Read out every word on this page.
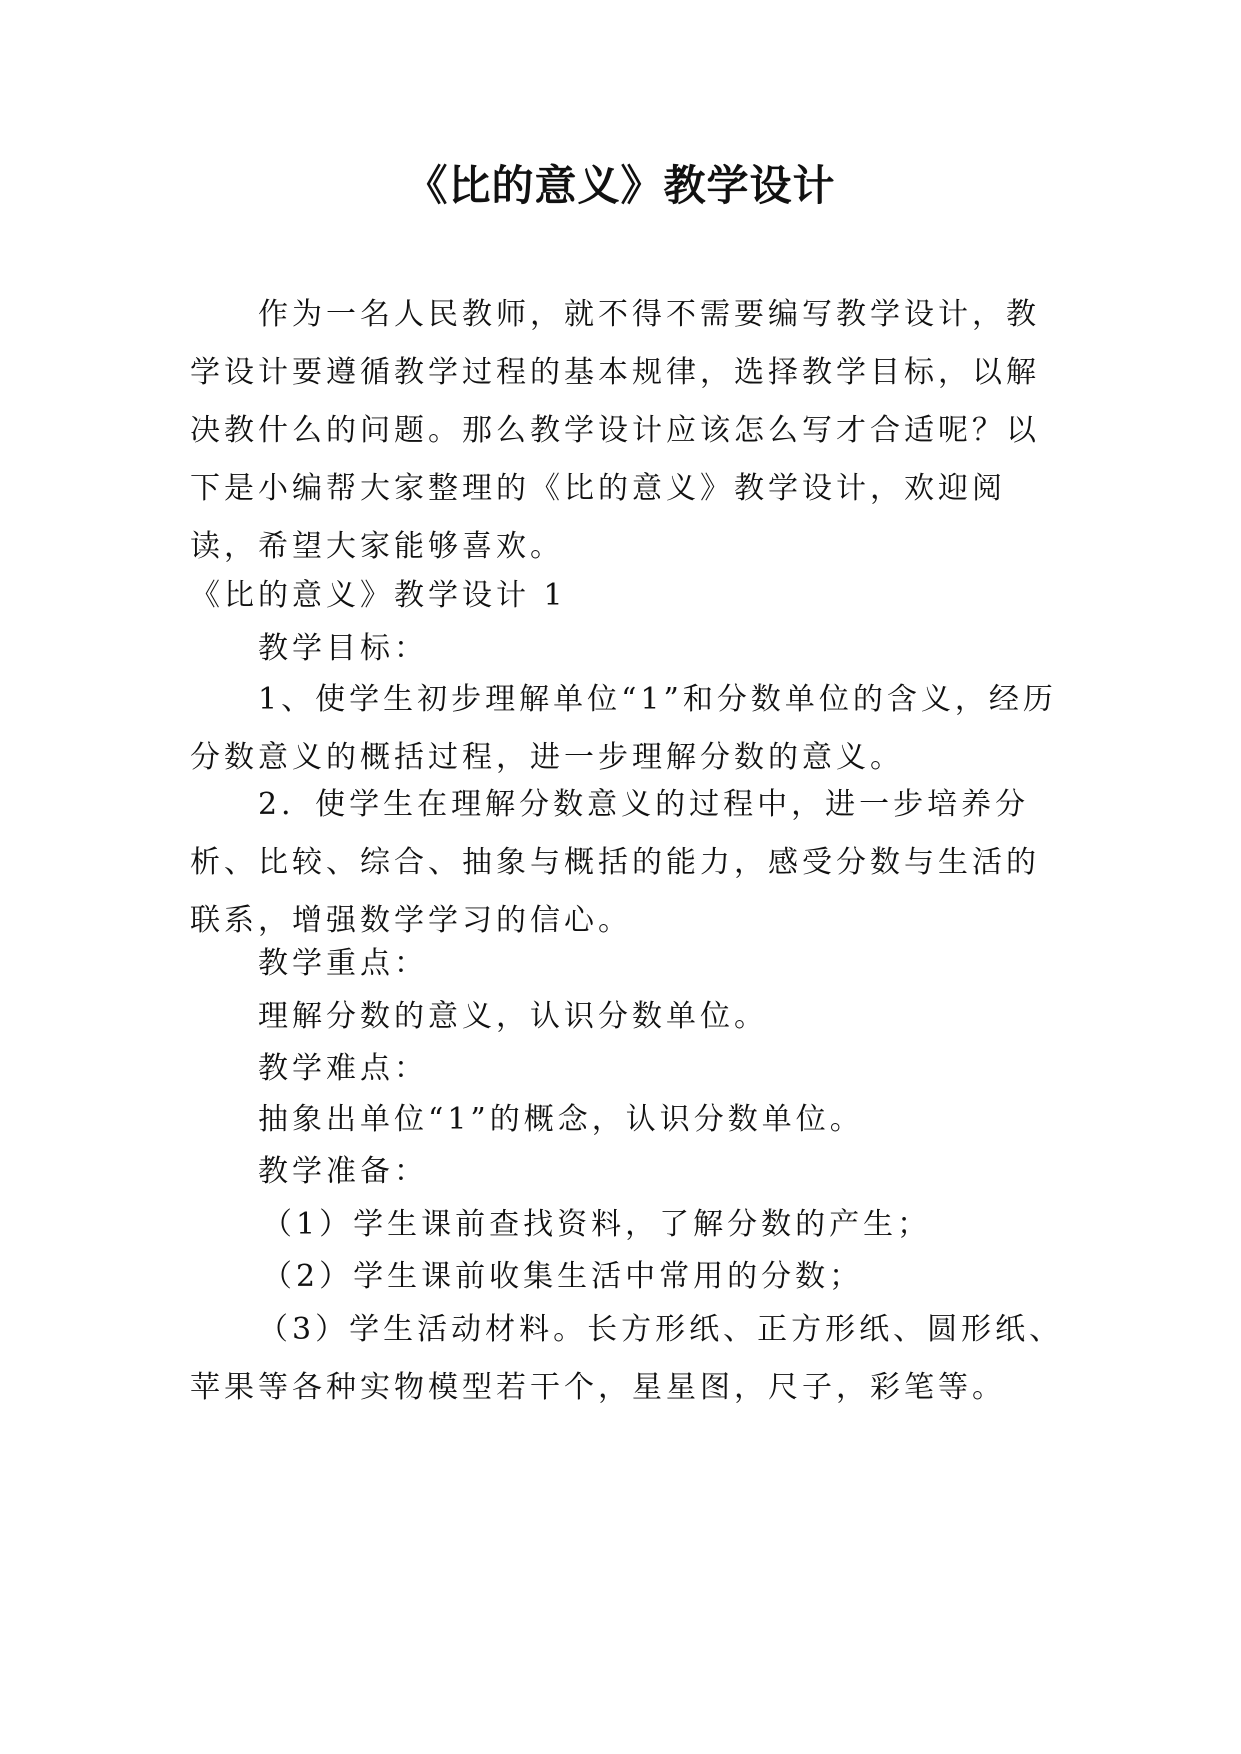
《比的意义》教学设计

作为一名人民教师，就不得不需要编写教学设计，教学设计要遵循教学过程的基本规律，选择教学目标，以解决教什么的问题。那么教学设计应该怎么写才合适呢？以下是小编帮大家整理的《比的意义》教学设计，欢迎阅读，希望大家能够喜欢。

《比的意义》教学设计 1
教学目标：

1、使学生初步理解单位“1”和分数单位的含义，经历分数意义的概括过程，进一步理解分数的意义。

2．使学生在理解分数意义的过程中，进一步培养分析、比较、综合、抽象与概括的能力，感受分数与生活的联系，增强数学学习的信心。

教学重点：
理解分数的意义，认识分数单位。
教学难点：
抽象出单位“1”的概念，认识分数单位。
教学准备：
（1）学生课前查找资料，了解分数的产生；
（2）学生课前收集生活中常用的分数；

（3）学生活动材料。长方形纸、正方形纸、圆形纸、苹果等各种实物模型若干个，星星图，尺子，彩笔等。
